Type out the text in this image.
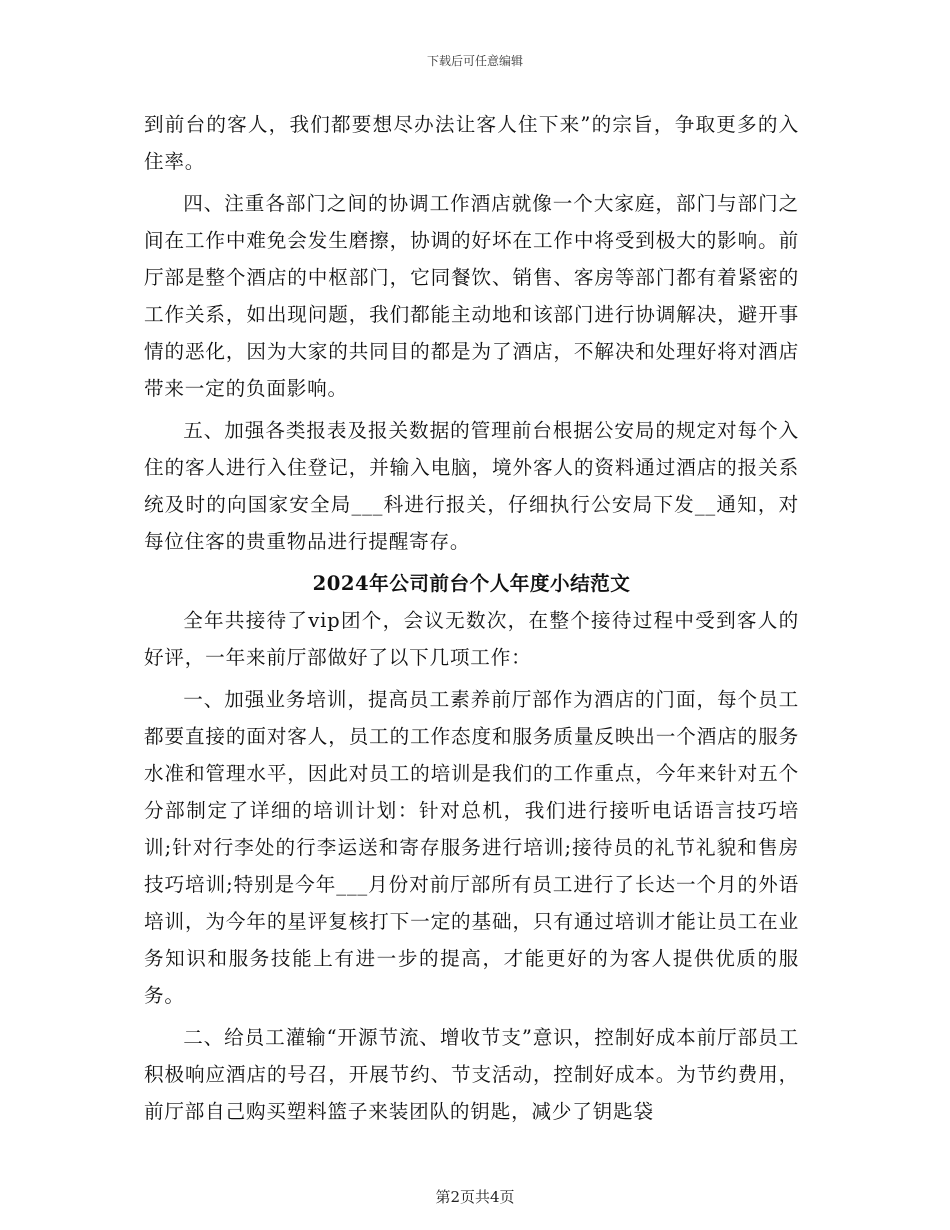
下载后可任意编辑

到前台的客人，我们都要想尽办法让客人住下来”的宗旨，争取更多的入住率。

四、注重各部门之间的协调工作酒店就像一个大家庭，部门与部门之间在工作中难免会发生磨擦，协调的好坏在工作中将受到极大的影响。前厅部是整个酒店的中枢部门，它同餐饮、销售、客房等部门都有着紧密的工作关系，如出现问题，我们都能主动地和该部门进行协调解决，避开事情的恶化，因为大家的共同目的都是为了酒店，不解决和处理好将对酒店带来一定的负面影响。

五、加强各类报表及报关数据的管理前台根据公安局的规定对每个入住的客人进行入住登记，并输入电脑，境外客人的资料通过酒店的报关系统及时的向国家安全局___科进行报关，仔细执行公安局下发__通知，对每位住客的贵重物品进行提醒寄存。

2024年公司前台个人年度小结范文

全年共接待了vip团个，会议无数次，在整个接待过程中受到客人的好评，一年来前厅部做好了以下几项工作：

一、加强业务培训，提高员工素养前厅部作为酒店的门面，每个员工都要直接的面对客人，员工的工作态度和服务质量反映出一个酒店的服务水准和管理水平，因此对员工的培训是我们的工作重点，今年来针对五个分部制定了详细的培训计划：针对总机，我们进行接听电话语言技巧培训;针对行李处的行李运送和寄存服务进行培训;接待员的礼节礼貌和售房技巧培训;特别是今年___月份对前厅部所有员工进行了长达一个月的外语培训，为今年的星评复核打下一定的基础，只有通过培训才能让员工在业务知识和服务技能上有进一步的提高，才能更好的为客人提供优质的服务。

二、给员工灌输“开源节流、增收节支”意识，控制好成本前厅部员工积极响应酒店的号召，开展节约、节支活动，控制好成本。为节约费用，前厅部自己购买塑料篮子来装团队的钥匙，减少了钥匙袋

第2页共4页
